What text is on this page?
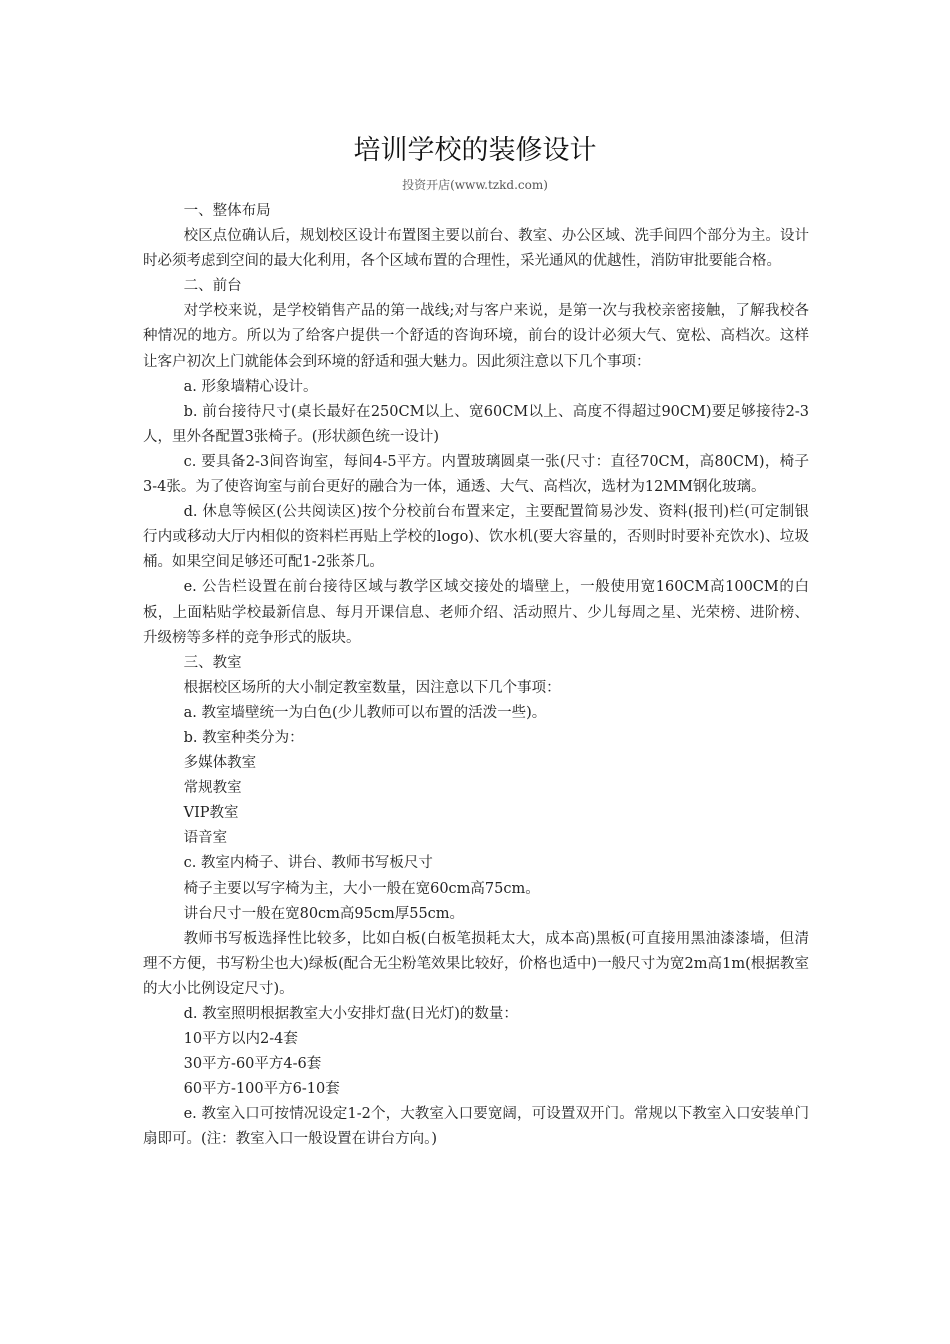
培训学校的装修设计
投资开店(www.tzkd.com)

一、整体布局

校区点位确认后，规划校区设计布置图主要以前台、教室、办公区域、洗手间四个部分为主。设计时必须考虑到空间的最大化利用，各个区域布置的合理性，采光通风的优越性，消防审批要能合格。

二、前台

对学校来说，是学校销售产品的第一战线;对与客户来说，是第一次与我校亲密接触，了解我校各种情况的地方。所以为了给客户提供一个舒适的咨询环境，前台的设计必须大气、宽松、高档次。这样让客户初次上门就能体会到环境的舒适和强大魅力。因此须注意以下几个事项：

a. 形象墙精心设计。

b. 前台接待尺寸(桌长最好在250CM以上、宽60CM以上、高度不得超过90CM)要足够接待2-3人，里外各配置3张椅子。(形状颜色统一设计)

c. 要具备2-3间咨询室，每间4-5平方。内置玻璃圆桌一张(尺寸：直径70CM，高80CM)，椅子3-4张。为了使咨询室与前台更好的融合为一体，通透、大气、高档次，选材为12MM钢化玻璃。

d. 休息等候区(公共阅读区)按个分校前台布置来定，主要配置简易沙发、资料(报刊)栏(可定制银行内或移动大厅内相似的资料栏再贴上学校的logo)、饮水机(要大容量的，否则时时要补充饮水)、垃圾桶。如果空间足够还可配1-2张茶几。

e. 公告栏设置在前台接待区域与教学区域交接处的墙壁上，一般使用宽160CM高100CM的白板，上面粘贴学校最新信息、每月开课信息、老师介绍、活动照片、少儿每周之星、光荣榜、进阶榜、升级榜等多样的竞争形式的版块。

三、教室

根据校区场所的大小制定教室数量，因注意以下几个事项：

a. 教室墙壁统一为白色(少儿教师可以布置的活泼一些)。

b. 教室种类分为：

多媒体教室

常规教室

VIP教室

语音室

c. 教室内椅子、讲台、教师书写板尺寸

椅子主要以写字椅为主，大小一般在宽60cm高75cm。

讲台尺寸一般在宽80cm高95cm厚55cm。

教师书写板选择性比较多，比如白板(白板笔损耗太大，成本高)黑板(可直接用黑油漆漆墙，但清理不方便，书写粉尘也大)绿板(配合无尘粉笔效果比较好，价格也适中)一般尺寸为宽2m高1m(根据教室的大小比例设定尺寸)。

d. 教室照明根据教室大小安排灯盘(日光灯)的数量：

10平方以内2-4套

30平方-60平方4-6套

60平方-100平方6-10套

e. 教室入口可按情况设定1-2个，大教室入口要宽阔，可设置双开门。常规以下教室入口安装单门扇即可。(注：教室入口一般设置在讲台方向。)
